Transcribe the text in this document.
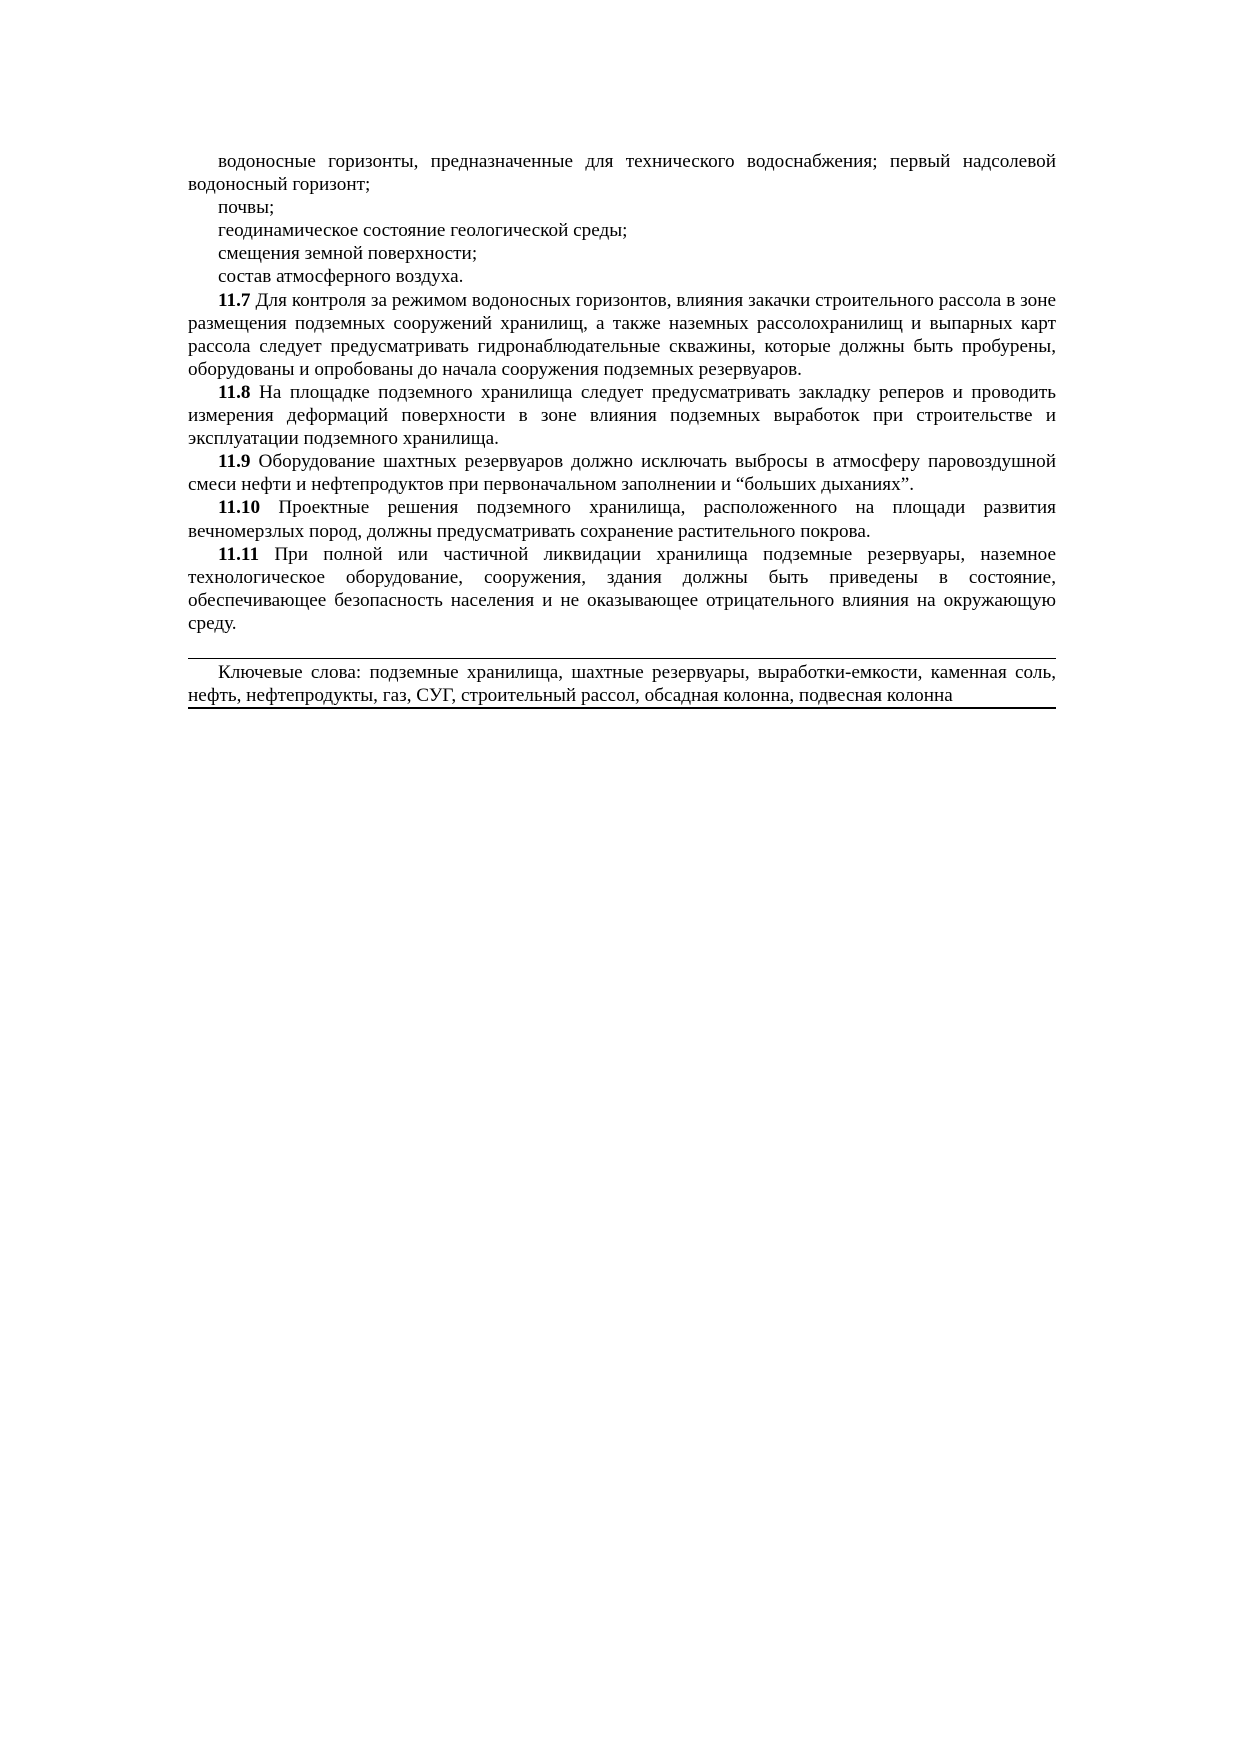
водоносные горизонты, предназначенные для технического водоснабжения; первый надсолевой водоносный горизонт;

почвы;

геодинамическое состояние геологической среды;

смещения земной поверхности;

состав атмосферного воздуха.

11.7 Для контроля за режимом водоносных горизонтов, влияния закачки строительного рассола в зоне размещения подземных сооружений хранилищ, а также наземных рассолохранилищ и выпарных карт рассола следует предусматривать гидронаблюдательные скважины, которые должны быть пробурены, оборудованы и опробованы до начала сооружения подземных резервуаров.

11.8 На площадке подземного хранилища следует предусматривать закладку реперов и проводить измерения деформаций поверхности в зоне влияния подземных выработок при строительстве и эксплуатации подземного хранилища.

11.9 Оборудование шахтных резервуаров должно исключать выбросы в атмосферу паровоздушной смеси нефти и нефтепродуктов при первоначальном заполнении и “больших дыханиях”.

11.10 Проектные решения подземного хранилища, расположенного на площади развития вечномерзлых пород, должны предусматривать сохранение растительного покрова.

11.11 При полной или частичной ликвидации хранилища подземные резервуары, наземное технологическое оборудование, сооружения, здания должны быть приведены в состояние, обеспечивающее безопасность населения и не оказывающее отрицательного влияния на окружающую среду.

Ключевые слова: подземные хранилища, шахтные резервуары, выработки-емкости, каменная соль, нефть, нефтепродукты, газ, СУГ, строительный рассол, обсадная колонна, подвесная колонна
